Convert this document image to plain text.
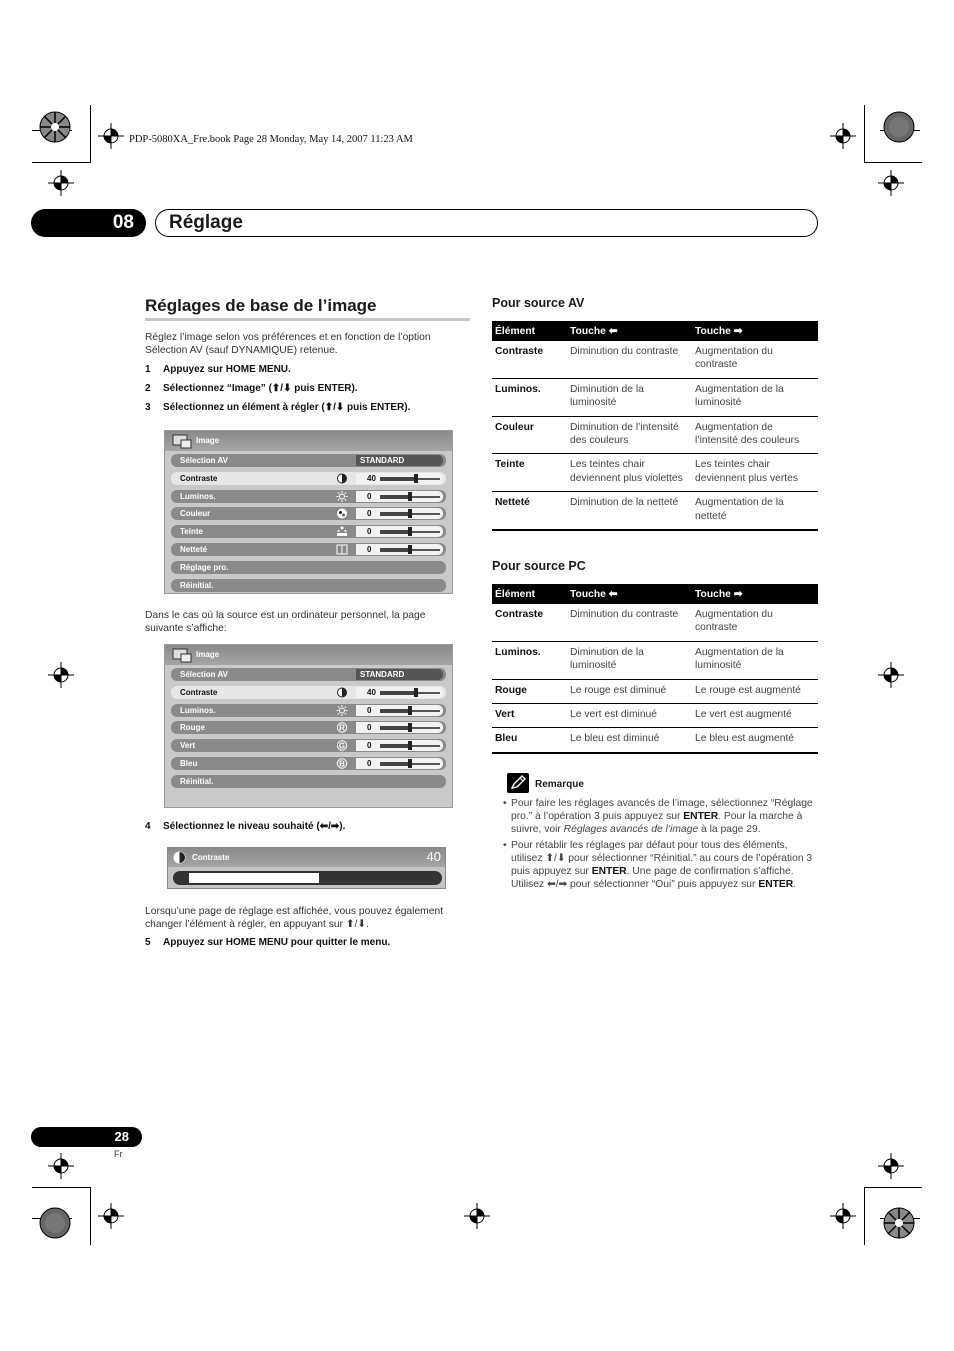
PDP-5080XA_Fre.book Page 28 Monday, May 14, 2007 11:23 AM
08	Réglage
Réglages de base de l’image
Réglez l’image selon vos préférences et en fonction de l’option Sélection AV (sauf DYNAMIQUE) retenue.
1 Appuyez sur HOME MENU.
2 Sélectionnez “Image” (⬆/⬇ puis ENTER).
3 Sélectionnez un élément à régler (⬆/⬇ puis ENTER).
Image
Sélection AV	STANDARD
Contraste	40
Luminos.	0
Couleur	0
Teinte	0
Netteté	0
Réglage pro.
Réinitial.
Dans le cas où la source est un ordinateur personnel, la page suivante s’affiche:
Image
Sélection AV	STANDARD
Contraste	40
Luminos.	0
Rouge	R	0
Vert	G	0
Bleu	B	0
Réinitial.
4 Sélectionnez le niveau souhaité (⬅/➡).
Contraste	40
Lorsqu’une page de réglage est affichée, vous pouvez également changer l’élément à régler, en appuyant sur ⬆/⬇.
5 Appuyez sur HOME MENU pour quitter le menu.
Pour source AV
Élément	Touche ⬅	Touche ➡
Contraste	Diminution du contraste	Augmentation du contraste
Luminos.	Diminution de la luminosité	Augmentation de la luminosité
Couleur	Diminution de l’intensité des couleurs	Augmentation de l’intensité des couleurs
Teinte	Les teintes chair deviennent plus violettes	Les teintes chair deviennent plus vertes
Netteté	Diminution de la netteté	Augmentation de la netteté
Pour source PC
Élément	Touche ⬅	Touche ➡
Contraste	Diminution du contraste	Augmentation du contraste
Luminos.	Diminution de la luminosité	Augmentation de la luminosité
Rouge	Le rouge est diminué	Le rouge est augmenté
Vert	Le vert est diminué	Le vert est augmenté
Bleu	Le bleu est diminué	Le bleu est augmenté
Remarque
• Pour faire les réglages avancés de l’image, sélectionnez “Réglage pro.” à l’opération 3 puis appuyez sur ENTER. Pour la marche à suivre, voir Réglages avancés de l’image à la page 29.
• Pour rétablir les réglages par défaut pour tous des éléments, utilisez ⬆/⬇ pour sélectionner “Réinitial.” au cours de l’opération 3 puis appuyez sur ENTER. Une page de confirmation s’affiche. Utilisez ⬅/➡ pour sélectionner “Oui” puis appuyez sur ENTER.
28
Fr
